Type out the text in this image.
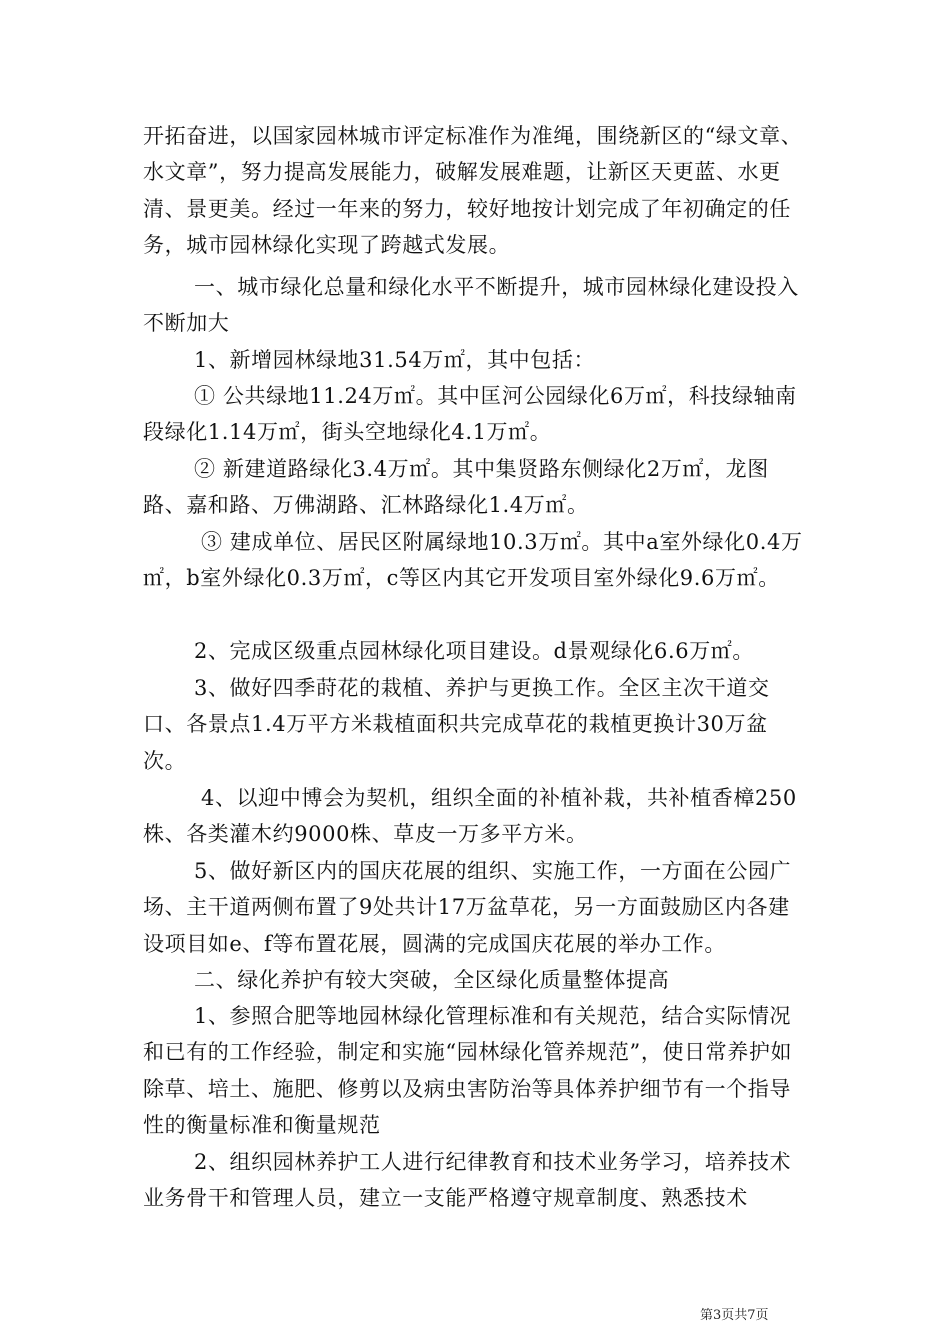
开拓奋进，以国家园林城市评定标准作为准绳，围绕新区的“绿文章、水文章”，努力提高发展能力，破解发展难题，让新区天更蓝、水更清、景更美。经过一年来的努力，较好地按计划完成了年初确定的任务，城市园林绿化实现了跨越式发展。

一、城市绿化总量和绿化水平不断提升，城市园林绿化建设投入不断加大

1、新增园林绿地31.54万㎡，其中包括：

① 公共绿地11.24万㎡。其中匡河公园绿化6万㎡，科技绿轴南段绿化1.14万㎡，街头空地绿化4.1万㎡。

② 新建道路绿化3.4万㎡。其中集贤路东侧绿化2万㎡，龙图路、嘉和路、万佛湖路、汇林路绿化1.4万㎡。

③ 建成单位、居民区附属绿地10.3万㎡。其中a室外绿化0.4万㎡，b室外绿化0.3万㎡，c等区内其它开发项目室外绿化9.6万㎡。

2、完成区级重点园林绿化项目建设。d景观绿化6.6万㎡。

3、做好四季莳花的栽植、养护与更换工作。全区主次干道交口、各景点1.4万平方米栽植面积共完成草花的栽植更换计30万盆次。

4、以迎中博会为契机，组织全面的补植补栽，共补植香樟250株、各类灌木约9000株、草皮一万多平方米。

5、做好新区内的国庆花展的组织、实施工作，一方面在公园广场、主干道两侧布置了9处共计17万盆草花，另一方面鼓励区内各建设项目如e、f等布置花展，圆满的完成国庆花展的举办工作。

二、绿化养护有较大突破，全区绿化质量整体提高

1、参照合肥等地园林绿化管理标准和有关规范，结合实际情况和已有的工作经验，制定和实施“园林绿化管养规范”，使日常养护如除草、培土、施肥、修剪以及病虫害防治等具体养护细节有一个指导性的衡量标准和衡量规范

2、组织园林养护工人进行纪律教育和技术业务学习，培养技术业务骨干和管理人员，建立一支能严格遵守规章制度、熟悉技术

第3页共7页
